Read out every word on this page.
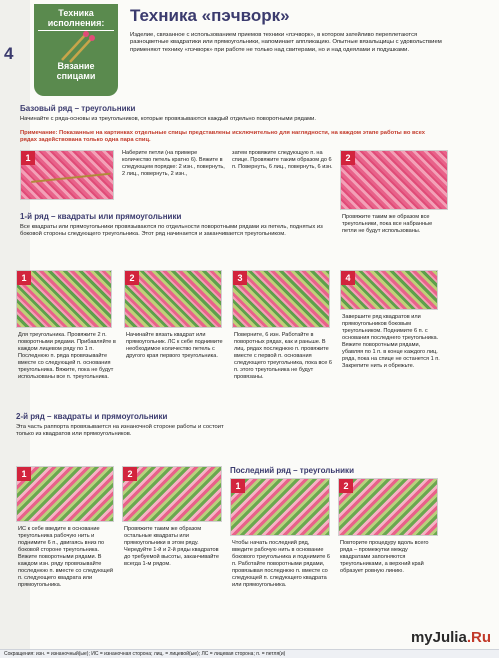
4
Техника
исполнения:
Вязание
спицами
Техника «пэчворк»
Изделие, связанное с использованием приемов техники «пэчворк», в котором затейливо переплетаются разноцветные квадратики или прямоугольники, напоминает аппликацию. Опытные вязальщицы с удовольствием применяют технику «пэчворк» при работе не только над свитерами, но и над одеялами и подушками.
Базовый ряд – треугольники
Начинайте с ряда-основы из треугольников, которые провязываются каждый отдельно поворотными рядами.
Примечание: Показанные на картинках отдельные спицы представлены исключительно для наглядности, на каждом этапе работы во всех рядах задействована только одна пара спиц.
1	Наберите петли (на примере количество петель кратно 6). Вяжите в следующем порядке: 2 изн., повернуть, 2 лиц., повернуть, 2 изн.,
затем провяжите следующую п. на спице. Провяжите таким образом до 6 п. Повернуть, 6 лиц., повернуть, 6 изн.
2
Провяжите таким же образом все треугольники, пока все набранные петли не будут использованы.
1-й ряд – квадраты или прямоугольники
Все квадраты или прямоугольники провязываются по отдельности поворотными рядами из петель, поднятых из боковой стороны следующего треугольника. Этот ряд начинается и заканчивается треугольником.
1	2	3	4
Для треугольника. Провяжите 2 п. поворотными рядами. Прибавляйте в каждом лицевом ряду по 1 п. Последнюю п. ряда провязывайте вместе со следующей п. основания треугольника. Вяжите, пока не будут использованы все п. треугольника.
Начинайте вязать квадрат или прямоугольник. ЛС к себе поднимите необходимое количество петель с другого края первого треугольника.
Поверните, 6 изн. Работайте в поворотных рядах, как и раньше. В лиц. рядах последнюю п. провяжите вместе с первой п. основания следующего треугольника, пока все 6 п. этого треугольника не будут провязаны.
Завершите ряд квадратов или прямоугольников боковым треугольником. Поднимите 6 п. с основания последнего треугольника. Вяжите поворотными рядами, убавляя по 1 п. в конце каждого лиц. ряда, пока на спице не останется 1 п. Закрепите нить и обрежьте.
2-й ряд – квадраты и прямоугольники
Эта часть раппорта провязывается на изнаночной стороне работы и состоит только из квадратов или прямоугольников.
1	2
ИС к себе введите в основание треугольника рабочую нить и поднимите 6 п., двигаясь вниз по боковой стороне треугольника. Вяжите поворотными рядами. В каждом изн. ряду провязывайте последнюю п. вместе со следующей п. следующего квадрата или прямоугольника.
Провяжите таким же образом остальные квадраты или прямоугольники в этом ряду. Чередуйте 1-й и 2-й ряды квадратов до требуемой высоты, заканчивайте всегда 1-м рядом.
Последний ряд – треугольники
1	2
Чтобы начать последний ряд, введите рабочую нить в основание бокового треугольника и поднимите 6 п. Работайте поворотными рядами, провязывая последнюю п. вместе со следующей п. следующего квадрата или прямоугольника.
Повторите процедуру вдоль всего ряда – промежутки между квадратами заполняются треугольниками, а верхний край образует ровную линию.
myJulia.Ru
Сокращения: изн. = изнаночный(ые); ИС = изнаночная сторона; лиц. = лицевой(ые); ЛС = лицевая сторона; п. = петля(и)
